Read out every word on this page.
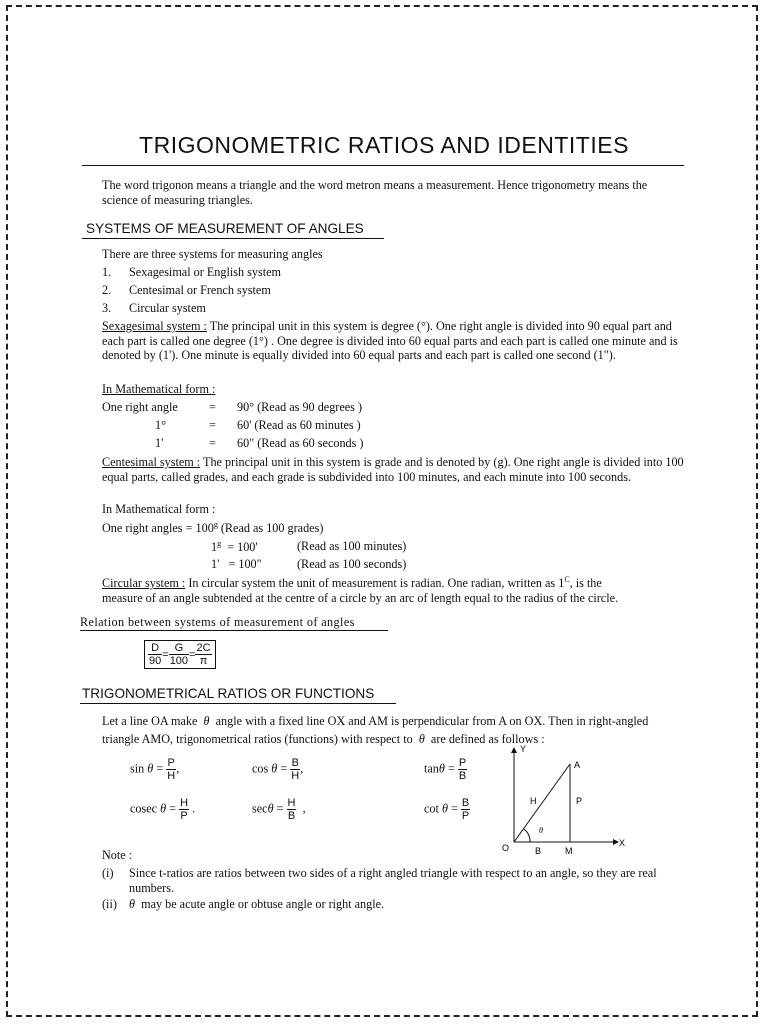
TRIGONOMETRIC RATIOS AND IDENTITIES
The word trigonon means a triangle and the word metron means a measurement. Hence trigonometry means the science of measuring triangles.
SYSTEMS OF MEASUREMENT OF ANGLES
There are three systems for measuring angles
1. Sexagesimal or English system
2. Centesimal or French system
3. Circular system
Sexagesimal system : The principal unit in this system is degree (°). One right angle is divided into 90 equal part and each part is called one degree (1°) . One degree is divided into 60 equal parts and each part is called one minute and is denoted by (1'). One minute is equally divided into 60 equal parts and each part is called one second (1").
In Mathematical form :
One right angle	= 90° (Read as 90 degrees )
1°	= 60' (Read as 60 minutes )
1'	= 60" (Read as 60 seconds )
Centesimal system : The principal unit in this system is grade and is denoted by (g). One right angle is divided into 100 equal parts, called grades, and each grade is subdivided into 100 minutes, and each minute into 100 seconds.
In Mathematical form :
One right angles = $100^g$ (Read as 100 grades)
$1^g = 100'$	(Read as 100 minutes)
1' = 100"	(Read as 100 seconds)
Circular system : In circular system the unit of measurement is radian. One radian, written as $1^C$, is the
measure of an angle subtended at the centre of a circle by an arc of length equal to the radius of the circle.
Relation between systems of measurement of angles
$\frac{D}{90} = \frac{G}{100} = \frac{2C}{\pi}$
TRIGONOMETRICAL RATIOS OR FUNCTIONS
Let a line OA make θ angle with a fixed line OX and AM is perpendicular from A on OX. Then in right-angled
triangle AMO, trigonometrical ratios (functions) with respect to θ are defined as follows :
$\sin \theta = \frac{P}{H}$ ,	$\cos \theta = \frac{B}{H}$ ,	$\tan\theta = \frac{P}{B}$
cosec $\theta = \frac{H}{P}$ .	$\sec\theta = \frac{H}{B}$ ,	$\cot \theta = \frac{B}{P}$
Y
X
O
A
M
B
H	P
θ
Note :
(i) Since t-ratios are ratios between two sides of a right angled triangle with respect to an angle, so they are real numbers.
(ii) θ may be acute angle or obtuse angle or right angle.
